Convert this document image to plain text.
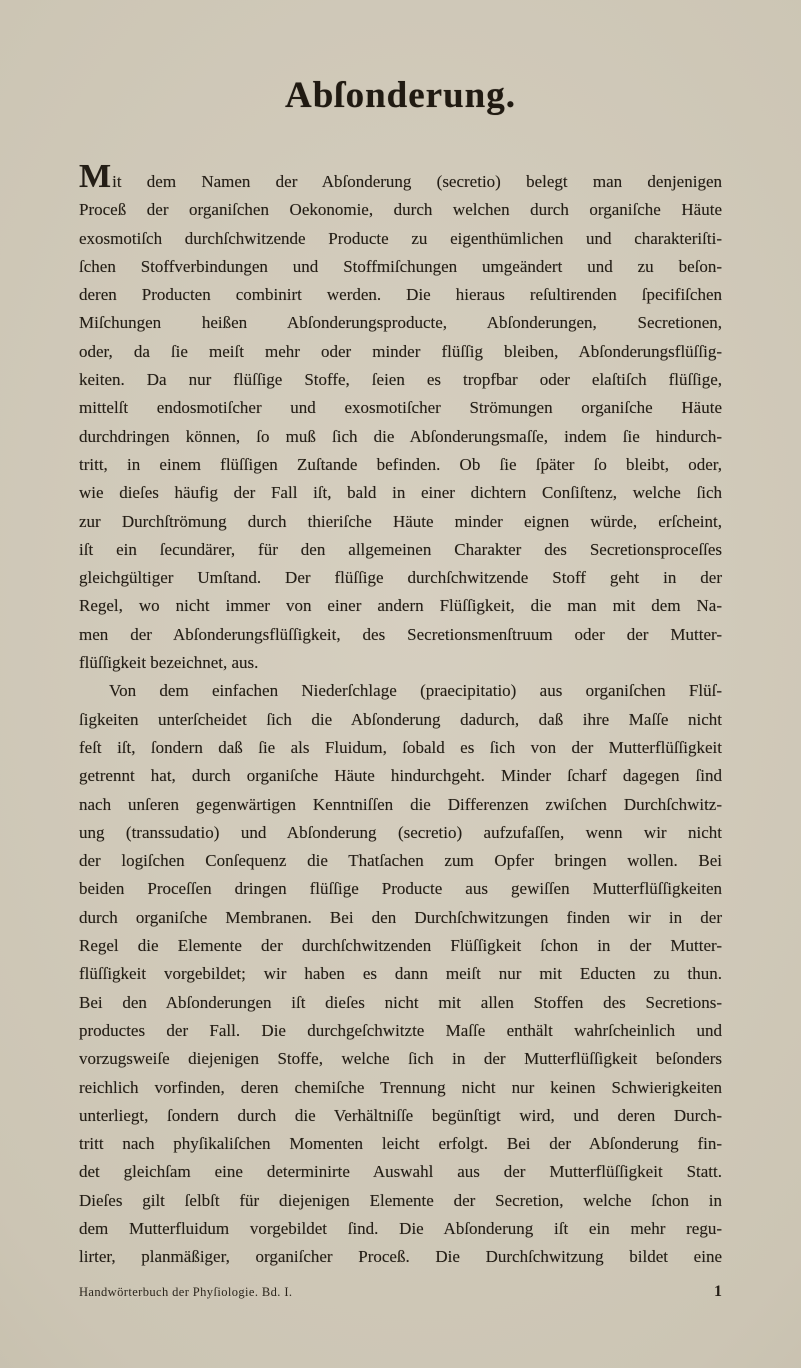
Abſonderung.
Mit dem Namen der Abſonderung (secretio) belegt man denjenigen
Proceß der organiſchen Oekonomie, durch welchen durch organiſche Häute
exosmotiſch durchſchwitzende Producte zu eigenthümlichen und charakteriſti-
ſchen Stoffverbindungen und Stoffmiſchungen umgeändert und zu beſon-
deren Producten combinirt werden. Die hieraus reſultirenden ſpecifiſchen
Miſchungen heißen Abſonderungsproducte, Abſonderungen, Secretionen,
oder, da ſie meiſt mehr oder minder flüſſig bleiben, Abſonderungsflüſſig-
keiten. Da nur flüſſige Stoffe, ſeien es tropfbar oder elaſtiſch flüſſige,
mittelſt endosmotiſcher und exosmotiſcher Strömungen organiſche Häute
durchdringen können, ſo muß ſich die Abſonderungsmaſſe, indem ſie hindurch-
tritt, in einem flüſſigen Zuſtande befinden. Ob ſie ſpäter ſo bleibt, oder,
wie dieſes häufig der Fall iſt, bald in einer dichtern Conſiſtenz, welche ſich
zur Durchſtrömung durch thieriſche Häute minder eignen würde, erſcheint,
iſt ein ſecundärer, für den allgemeinen Charakter des Secretionsproceſſes
gleichgültiger Umſtand. Der flüſſige durchſchwitzende Stoff geht in der
Regel, wo nicht immer von einer andern Flüſſigkeit, die man mit dem Na-
men der Abſonderungsflüſſigkeit, des Secretionsmenſtruum oder der Mutter-
flüſſigkeit bezeichnet, aus.
Von dem einfachen Niederſchlage (praecipitatio) aus organiſchen Flüſ-
ſigkeiten unterſcheidet ſich die Abſonderung dadurch, daß ihre Maſſe nicht
feſt iſt, ſondern daß ſie als Fluidum, ſobald es ſich von der Mutterflüſſigkeit
getrennt hat, durch organiſche Häute hindurchgeht. Minder ſcharf dagegen ſind
nach unſeren gegenwärtigen Kenntniſſen die Differenzen zwiſchen Durchſchwitz-
ung (transsudatio) und Abſonderung (secretio) aufzufaſſen, wenn wir nicht
der logiſchen Conſequenz die Thatſachen zum Opfer bringen wollen. Bei
beiden Proceſſen dringen flüſſige Producte aus gewiſſen Mutterflüſſigkeiten
durch organiſche Membranen. Bei den Durchſchwitzungen finden wir in der
Regel die Elemente der durchſchwitzenden Flüſſigkeit ſchon in der Mutter-
flüſſigkeit vorgebildet; wir haben es dann meiſt nur mit Educten zu thun.
Bei den Abſonderungen iſt dieſes nicht mit allen Stoffen des Secretions-
productes der Fall. Die durchgeſchwitzte Maſſe enthält wahrſcheinlich und
vorzugsweiſe diejenigen Stoffe, welche ſich in der Mutterflüſſigkeit beſonders
reichlich vorfinden, deren chemiſche Trennung nicht nur keinen Schwierigkeiten
unterliegt, ſondern durch die Verhältniſſe begünſtigt wird, und deren Durch-
tritt nach phyſikaliſchen Momenten leicht erfolgt. Bei der Abſonderung fin-
det gleichſam eine determinirte Auswahl aus der Mutterflüſſigkeit Statt.
Dieſes gilt ſelbſt für diejenigen Elemente der Secretion, welche ſchon in
dem Mutterfluidum vorgebildet ſind. Die Abſonderung iſt ein mehr regu-
lirter, planmäßiger, organiſcher Proceß. Die Durchſchwitzung bildet eine
Handwörterbuch der Phyſiologie. Bd. I.	1
